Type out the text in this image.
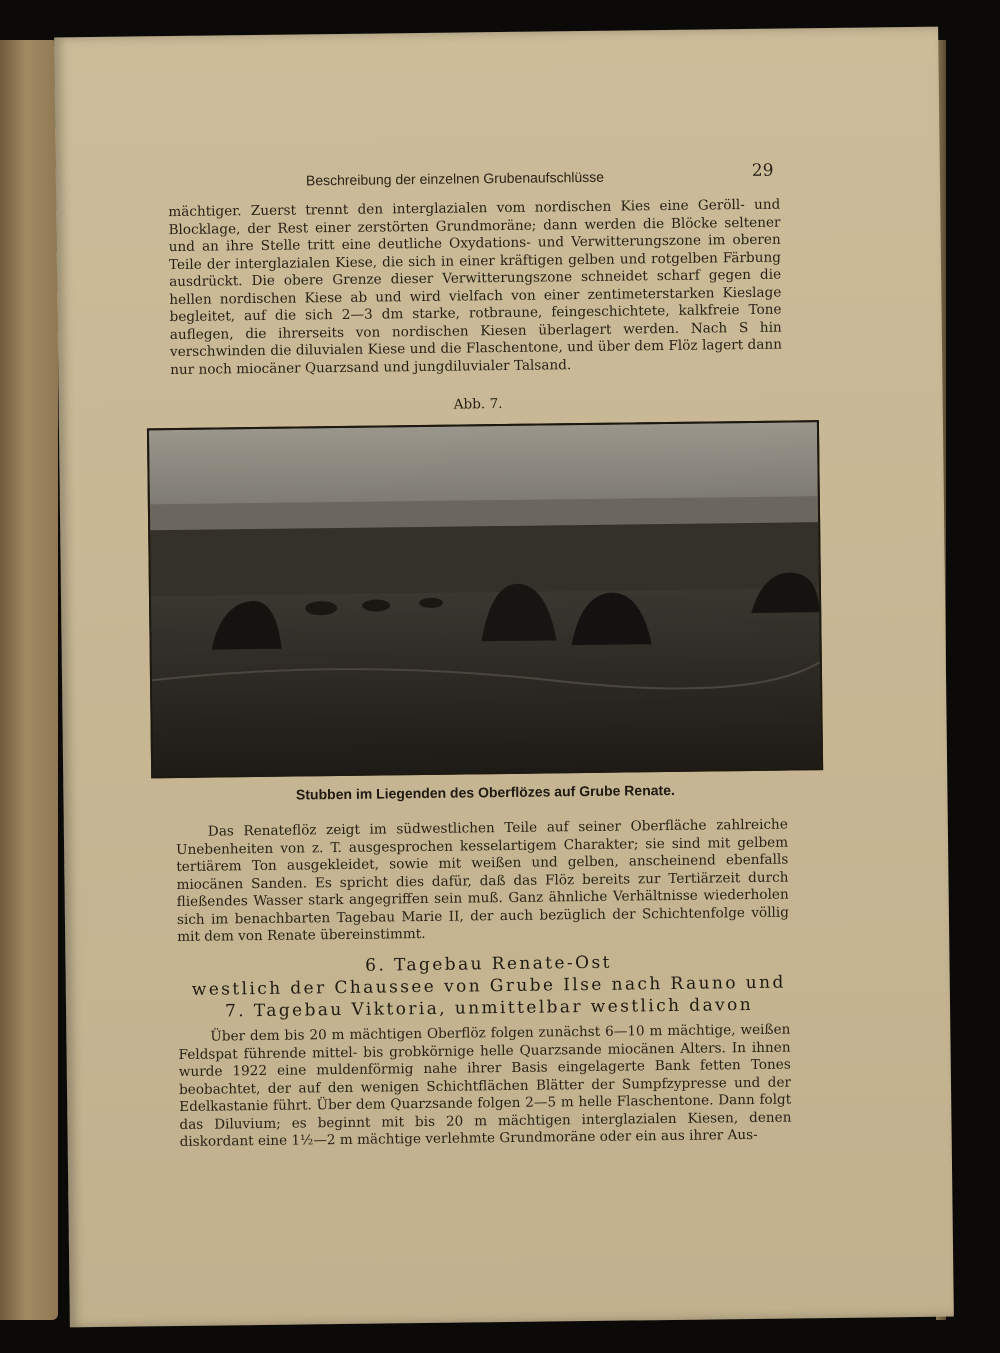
Beschreibung der einzelnen Grubenaufschlüsse	29

mächtiger. Zuerst trennt den interglazialen vom nordischen Kies eine Geröll- und Blocklage, der Rest einer zerstörten Grundmoräne; dann werden die Blöcke seltener und an ihre Stelle tritt eine deutliche Oxydations- und Verwitterungszone im oberen Teile der interglazialen Kiese, die sich in einer kräftigen gelben und rotgelben Färbung ausdrückt. Die obere Grenze dieser Verwitterungszone schneidet scharf gegen die hellen nordischen Kiese ab und wird vielfach von einer zentimeterstarken Kieslage begleitet, auf die sich 2—3 dm starke, rotbraune, feingeschichtete, kalkfreie Tone auflegen, die ihrerseits von nordischen Kiesen überlagert werden. Nach S hin verschwinden die diluvialen Kiese und die Flaschentone, und über dem Flöz lagert dann nur noch miocäner Quarzsand und jungdiluvialer Talsand.

Abb. 7.
Stubben im Liegenden des Oberflözes auf Grube Renate.

Das Renateflöz zeigt im südwestlichen Teile auf seiner Oberfläche zahlreiche Unebenheiten von z. T. ausgesprochen kesselartigem Charakter; sie sind mit gelbem tertiärem Ton ausgekleidet, sowie mit weißen und gelben, anscheinend ebenfalls miocänen Sanden. Es spricht dies dafür, daß das Flöz bereits zur Tertiärzeit durch fließendes Wasser stark angegriffen sein muß. Ganz ähnliche Verhältnisse wiederholen sich im benachbarten Tagebau Marie II, der auch bezüglich der Schichtenfolge völlig mit dem von Renate übereinstimmt.

6. Tagebau Renate-Ost
westlich der Chaussee von Grube Ilse nach Rauno und
7. Tagebau Viktoria, unmittelbar westlich davon

Über dem bis 20 m mächtigen Oberflöz folgen zunächst 6—10 m mächtige, weißen Feldspat führende mittel- bis grobkörnige helle Quarzsande miocänen Alters. In ihnen wurde 1922 eine muldenförmig nahe ihrer Basis eingelagerte Bank fetten Tones beobachtet, der auf den wenigen Schichtflächen Blätter der Sumpfzypresse und der Edelkastanie führt. Über dem Quarzsande folgen 2—5 m helle Flaschentone. Dann folgt das Diluvium; es beginnt mit bis 20 m mächtigen interglazialen Kiesen, denen diskordant eine 1½—2 m mächtige verlehmte Grundmoräne oder ein aus ihrer Aus-
